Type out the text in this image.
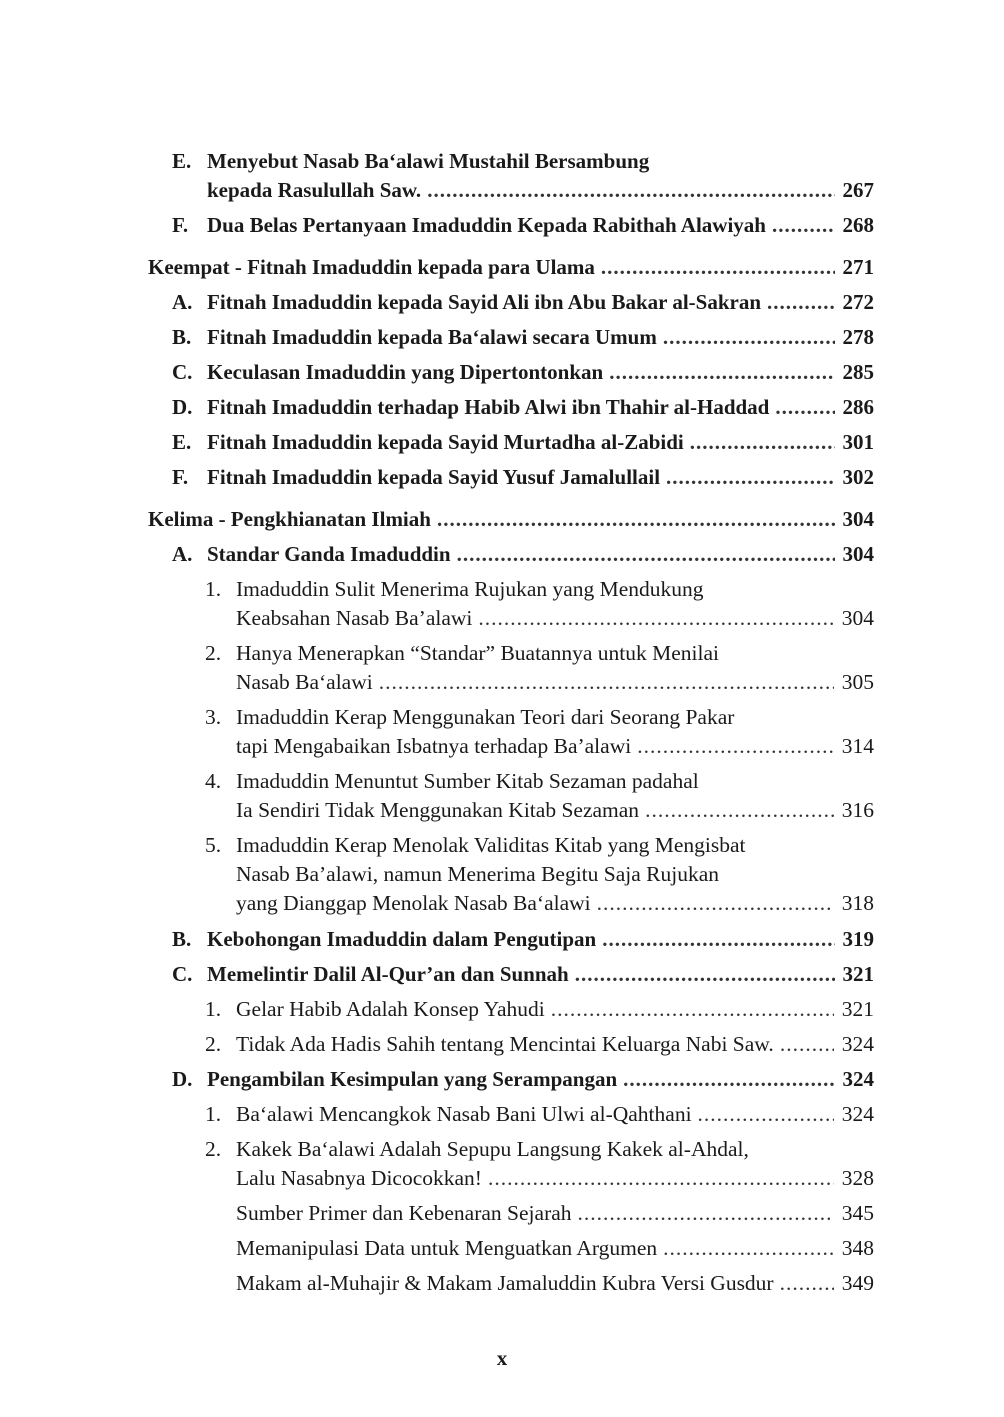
E. Menyebut Nasab Ba‘alawi Mustahil Bersambung
kepada Rasulullah Saw. .....	267
F. Dua Belas Pertanyaan Imaduddin Kepada Rabithah Alawiyah .....	268
Keempat - Fitnah Imaduddin kepada para Ulama .....	271
A. Fitnah Imaduddin kepada Sayid Ali ibn Abu Bakar al-Sakran .....	272
B. Fitnah Imaduddin kepada Ba‘alawi secara Umum .....	278
C. Keculasan Imaduddin yang Dipertontonkan .....	285
D. Fitnah Imaduddin terhadap Habib Alwi ibn Thahir al-Haddad .....	286
E. Fitnah Imaduddin kepada Sayid Murtadha al-Zabidi .....	301
F. Fitnah Imaduddin kepada Sayid Yusuf Jamalullail .....	302
Kelima - Pengkhianatan Ilmiah .....	304
A. Standar Ganda Imaduddin .....	304
1. Imaduddin Sulit Menerima Rujukan yang Mendukung
Keabsahan Nasab Ba’alawi .....	304
2. Hanya Menerapkan “Standar” Buatannya untuk Menilai
Nasab Ba‘alawi .....	305
3. Imaduddin Kerap Menggunakan Teori dari Seorang Pakar
tapi Mengabaikan Isbatnya terhadap Ba’alawi .....	314
4. Imaduddin Menuntut Sumber Kitab Sezaman padahal
Ia Sendiri Tidak Menggunakan Kitab Sezaman .....	316
5. Imaduddin Kerap Menolak Validitas Kitab yang Mengisbat
Nasab Ba’alawi, namun Menerima Begitu Saja Rujukan
yang Dianggap Menolak Nasab Ba‘alawi .....	318
B. Kebohongan Imaduddin dalam Pengutipan .....	319
C. Memelintir Dalil Al-Qur’an dan Sunnah .....	321
1. Gelar Habib Adalah Konsep Yahudi .....	321
2. Tidak Ada Hadis Sahih tentang Mencintai Keluarga Nabi Saw. .....	324
D. Pengambilan Kesimpulan yang Serampangan .....	324
1. Ba‘alawi Mencangkok Nasab Bani Ulwi al-Qahthani .....	324
2. Kakek Ba‘alawi Adalah Sepupu Langsung Kakek al-Ahdal,
Lalu Nasabnya Dicocokkan! .....	328
Sumber Primer dan Kebenaran Sejarah .....	345
Memanipulasi Data untuk Menguatkan Argumen .....	348
Makam al-Muhajir & Makam Jamaluddin Kubra Versi Gusdur .....	349
x
